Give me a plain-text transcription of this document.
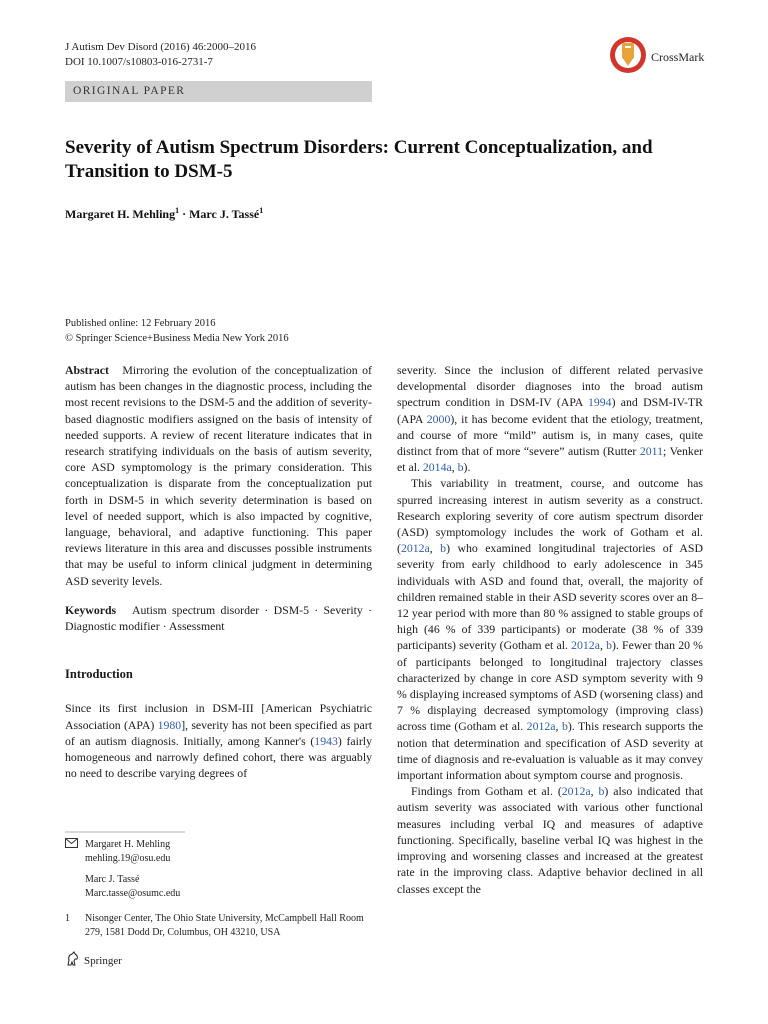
J Autism Dev Disord (2016) 46:2000–2016
DOI 10.1007/s10803-016-2731-7	CrossMark
ORIGINAL PAPER
Severity of Autism Spectrum Disorders: Current Conceptualization, and Transition to DSM-5
Margaret H. Mehling$^1$ · Marc J. Tassé$^1$
Published online: 12 February 2016
© Springer Science+Business Media New York 2016

Abstract Mirroring the evolution of the conceptualization of autism has been changes in the diagnostic process, including the most recent revisions to the DSM-5 and the addition of severity-based diagnostic modifiers assigned on the basis of intensity of needed supports. A review of recent literature indicates that in research stratifying individuals on the basis of autism severity, core ASD symptomology is the primary consideration. This conceptualization is disparate from the conceptualization put forth in DSM-5 in which severity determination is based on level of needed support, which is also impacted by cognitive, language, behavioral, and adaptive functioning. This paper reviews literature in this area and discusses possible instruments that may be useful to inform clinical judgment in determining ASD severity levels.

Keywords Autism spectrum disorder · DSM-5 · Severity · Diagnostic modifier · Assessment

Introduction

Since its first inclusion in DSM-III [American Psychiatric Association (APA) 1980], severity has not been specified as part of an autism diagnosis. Initially, among Kanner's (1943) fairly homogeneous and narrowly defined cohort, there was arguably no need to describe varying degrees of

severity. Since the inclusion of different related pervasive developmental disorder diagnoses into the broad autism spectrum condition in DSM-IV (APA 1994) and DSM-IV-TR (APA 2000), it has become evident that the etiology, treatment, and course of more “mild” autism is, in many cases, quite distinct from that of more “severe” autism (Rutter 2011; Venker et al. 2014a, b).

This variability in treatment, course, and outcome has spurred increasing interest in autism severity as a construct. Research exploring severity of core autism spectrum disorder (ASD) symptomology includes the work of Gotham et al. (2012a, b) who examined longitudinal trajectories of ASD severity from early childhood to early adolescence in 345 individuals with ASD and found that, overall, the majority of children remained stable in their ASD severity scores over an 8–12 year period with more than 80 % assigned to stable groups of high (46 % of 339 participants) or moderate (38 % of 339 participants) severity (Gotham et al. 2012a, b). Fewer than 20 % of participants belonged to longitudinal trajectory classes characterized by change in core ASD symptom severity with 9 % displaying increased symptoms of ASD (worsening class) and 7 % displaying decreased symptomology (improving class) across time (Gotham et al. 2012a, b). This research supports the notion that determination and specification of ASD severity at time of diagnosis and re-evaluation is valuable as it may convey important information about symptom course and prognosis.

Findings from Gotham et al. (2012a, b) also indicated that autism severity was associated with various other functional measures including verbal IQ and measures of adaptive functioning. Specifically, baseline verbal IQ was highest in the improving and worsening classes and increased at the greatest rate in the improving class. Adaptive behavior declined in all classes except the

Margaret H. Mehling
mehling.19@osu.edu
Marc J. Tassé
Marc.tasse@osumc.edu
1 Nisonger Center, The Ohio State University, McCampbell Hall Room 279, 1581 Dodd Dr, Columbus, OH 43210, USA
Springer
